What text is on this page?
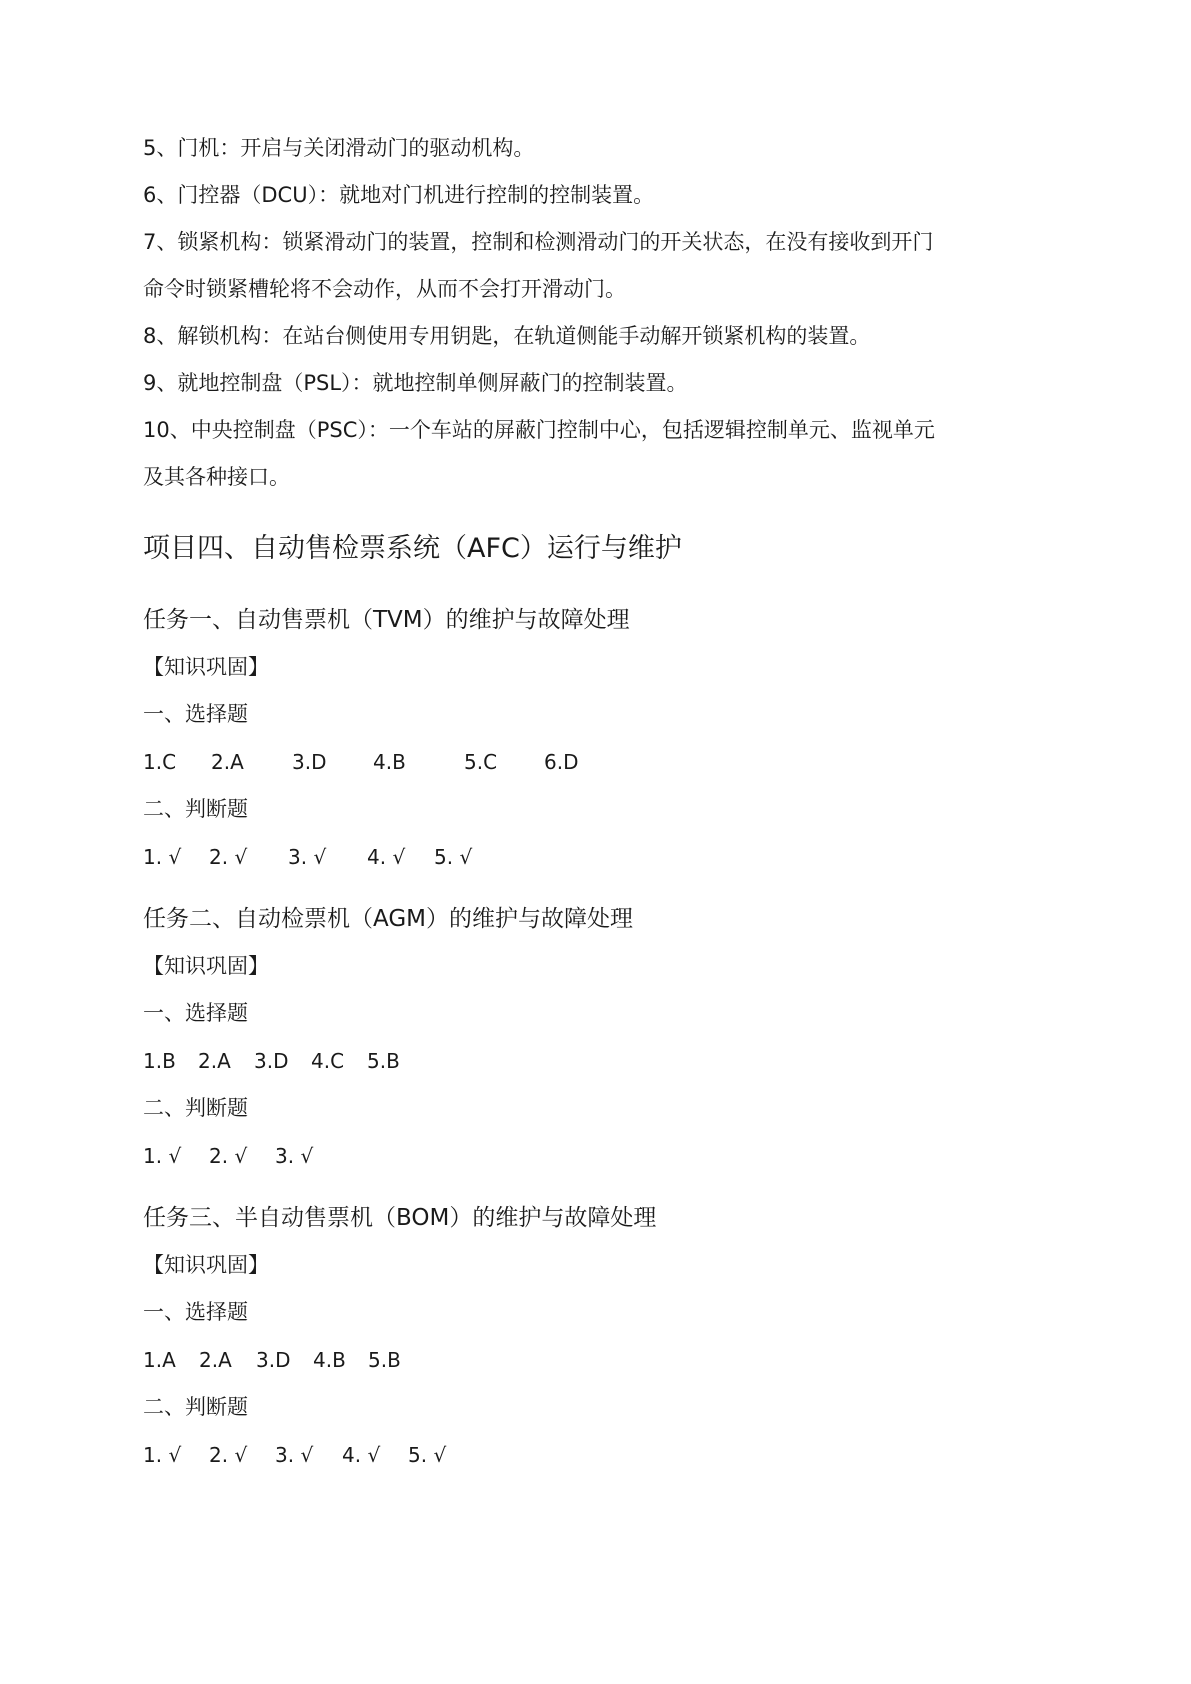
5、门机：开启与关闭滑动门的驱动机构。
6、门控器（DCU）：就地对门机进行控制的控制装置。
7、锁紧机构：锁紧滑动门的装置，控制和检测滑动门的开关状态，在没有接收到开门
命令时锁紧槽轮将不会动作，从而不会打开滑动门。
8、解锁机构：在站台侧使用专用钥匙，在轨道侧能手动解开锁紧机构的装置。
9、就地控制盘（PSL）：就地控制单侧屏蔽门的控制装置。
10、中央控制盘（PSC）：一个车站的屏蔽门控制中心，包括逻辑控制单元、监视单元
及其各种接口。
项目四、自动售检票系统（AFC）运行与维护
任务一、自动售票机（TVM）的维护与故障处理
【知识巩固】
一、选择题
1.C 2.A 3.D 4.B	5.C 6.D
二、判断题
1. √ 2. √ 3. √ 4. √ 5. √
任务二、自动检票机（AGM）的维护与故障处理
【知识巩固】
一、选择题
1.B 2.A 3.D 4.C 5.B
二、判断题
1. √ 2. √ 3. √
任务三、半自动售票机（BOM）的维护与故障处理
【知识巩固】
一、选择题
1.A 2.A 3.D 4.B 5.B
二、判断题
1. √ 2. √ 3. √ 4. √ 5. √
